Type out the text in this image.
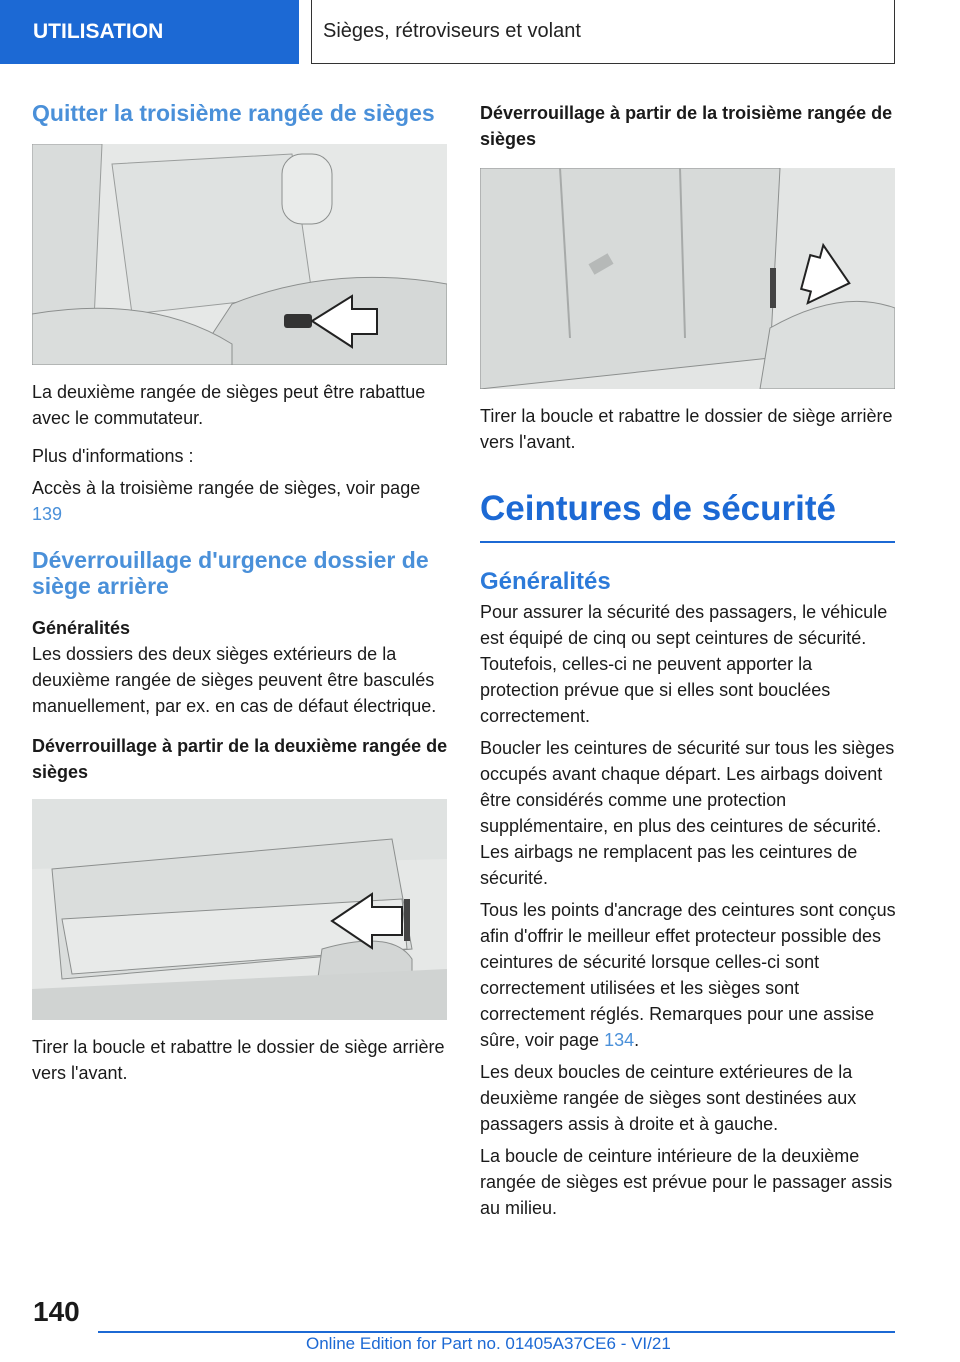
UTILISATION	Sièges, rétroviseurs et volant
Quitter la troisième rangée de sièges

La deuxième rangée de sièges peut être rabattue avec le commutateur.

Plus d'informations :

Accès à la troisième rangée de sièges, voir page 139

Déverrouillage d'urgence dossier de siège arrière
Généralités

Les dossiers des deux sièges extérieurs de la deuxième rangée de sièges peuvent être basculés manuellement, par ex. en cas de défaut électrique.

Déverrouillage à partir de la deuxième rangée de sièges

Tirer la boucle et rabattre le dossier de siège arrière vers l'avant.

Déverrouillage à partir de la troisième rangée de sièges

Tirer la boucle et rabattre le dossier de siège arrière vers l'avant.

Ceintures de sécurité
Généralités

Pour assurer la sécurité des passagers, le véhicule est équipé de cinq ou sept ceintures de sécurité. Toutefois, celles-ci ne peuvent apporter la protection prévue que si elles sont bouclées correctement.

Boucler les ceintures de sécurité sur tous les sièges occupés avant chaque départ. Les airbags doivent être considérés comme une protection supplémentaire, en plus des ceintures de sécurité. Les airbags ne remplacent pas les ceintures de sécurité.

Tous les points d'ancrage des ceintures sont conçus afin d'offrir le meilleur effet protecteur possible des ceintures de sécurité lorsque celles-ci sont correctement utilisées et les sièges sont correctement réglés. Remarques pour une assise sûre, voir page 134.

Les deux boucles de ceinture extérieures de la deuxième rangée de sièges sont destinées aux passagers assis à droite et à gauche.

La boucle de ceinture intérieure de la deuxième rangée de sièges est prévue pour le passager assis au milieu.

140
Online Edition for Part no. 01405A37CE6 - VI/21
